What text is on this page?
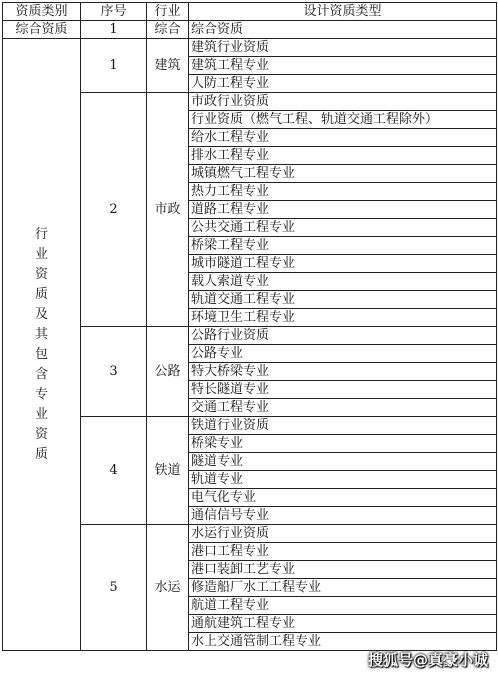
资质类别	序号	行业	设计资质类型
综合资质	1	综合	综合资质

行业资质及其包含专业资质	1	建筑	建筑行业资质
			建筑工程专业
			人防工程专业
	2	市政	市政行业资质
			行业资质（燃气工程、轨道交通工程除外）
			给水工程专业
			排水工程专业
			城镇燃气工程专业
			热力工程专业
			道路工程专业
			公共交通工程专业
			桥梁工程专业
			城市隧道工程专业
			载人索道专业
			轨道交通工程专业
			环境卫生工程专业
	3	公路	公路行业资质
			公路专业
			特大桥梁专业
			特长隧道专业
			交通工程专业
	4	铁道	铁道行业资质
			桥梁专业
			隧道专业
			轨道专业
			电气化专业
			通信信号专业
	5	水运	水运行业资质
			港口工程专业
			港口装卸工艺专业
			修造船厂水工工程专业
			航道工程专业
			通航建筑工程专业
			水上交通管制工程专业
搜狐号@真豪小诚
